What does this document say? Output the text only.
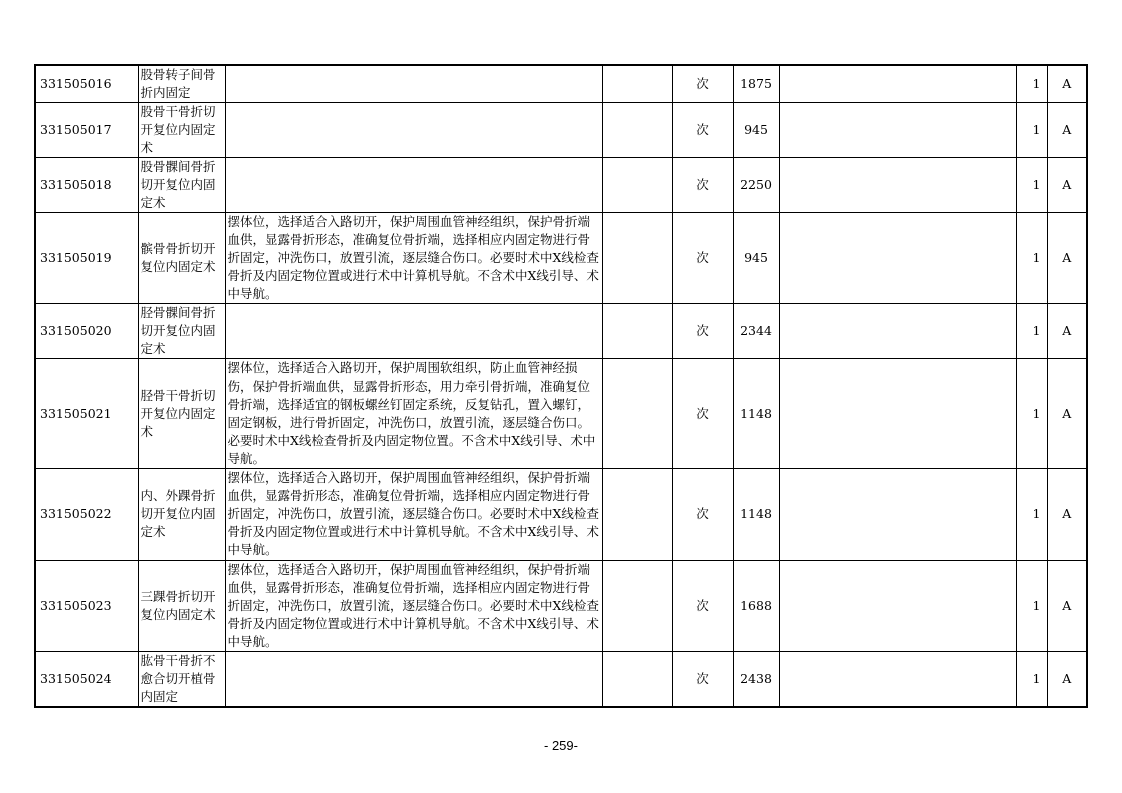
331505016	股骨转子间骨折内固定			次	1875		1	A
331505017	股骨干骨折切开复位内固定术			次	945		1	A
331505018	股骨髁间骨折切开复位内固定术			次	2250		1	A
331505019	髌骨骨折切开复位内固定术	摆体位，选择适合入路切开，保护周围血管神经组织，保护骨折端血供，显露骨折形态，准确复位骨折端，选择相应内固定物进行骨折固定，冲洗伤口，放置引流，逐层缝合伤口。必要时术中X线检查骨折及内固定物位置或进行术中计算机导航。不含术中X线引导、术中导航。		次	945		1	A
331505020	胫骨髁间骨折切开复位内固定术			次	2344		1	A
331505021	胫骨干骨折切开复位内固定术	摆体位，选择适合入路切开，保护周围软组织，防止血管神经损伤，保护骨折端血供，显露骨折形态，用力牵引骨折端，准确复位骨折端，选择适宜的钢板螺丝钉固定系统，反复钻孔，置入螺钉，固定钢板，进行骨折固定，冲洗伤口，放置引流，逐层缝合伤口。必要时术中X线检查骨折及内固定物位置。不含术中X线引导、术中导航。		次	1148		1	A
331505022	内、外踝骨折切开复位内固定术	摆体位，选择适合入路切开，保护周围血管神经组织，保护骨折端血供，显露骨折形态，准确复位骨折端，选择相应内固定物进行骨折固定，冲洗伤口，放置引流，逐层缝合伤口。必要时术中X线检查骨折及内固定物位置或进行术中计算机导航。不含术中X线引导、术中导航。		次	1148		1	A
331505023	三踝骨折切开复位内固定术	摆体位，选择适合入路切开，保护周围血管神经组织，保护骨折端血供，显露骨折形态，准确复位骨折端，选择相应内固定物进行骨折固定，冲洗伤口，放置引流，逐层缝合伤口。必要时术中X线检查骨折及内固定物位置或进行术中计算机导航。不含术中X线引导、术中导航。		次	1688		1	A
331505024	肱骨干骨折不愈合切开植骨内固定			次	2438		1	A
- 259-
